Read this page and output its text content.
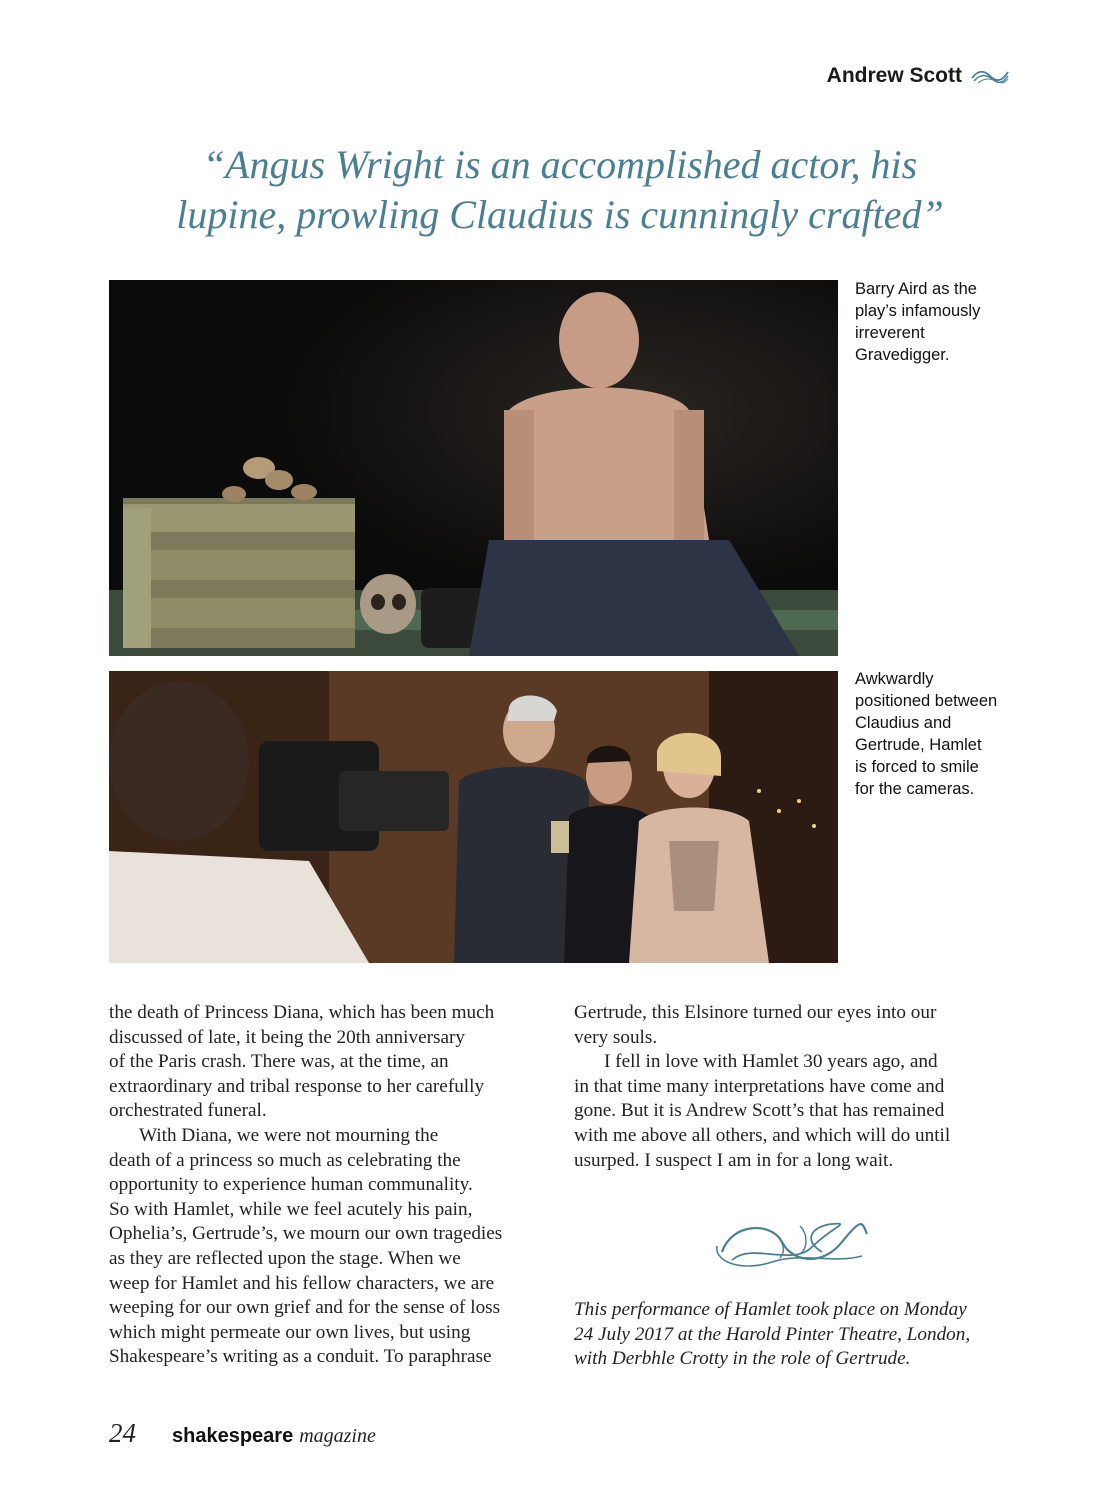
Andrew Scott
“Angus Wright is an accomplished actor, his
lupine, prowling Claudius is cunningly crafted”
Barry Aird as the
play’s infamously
irreverent
Gravedigger.
Awkwardly
positioned between
Claudius and
Gertrude, Hamlet
is forced to smile
for the cameras.

the death of Princess Diana, which has been much
discussed of late, it being the 20th anniversary
of the Paris crash. There was, at the time, an
extraordinary and tribal response to her carefully
orchestrated funeral.

With Diana, we were not mourning the
death of a princess so much as celebrating the
opportunity to experience human communality.
So with Hamlet, while we feel acutely his pain,
Ophelia’s, Gertrude’s, we mourn our own tragedies
as they are reflected upon the stage. When we
weep for Hamlet and his fellow characters, we are
weeping for our own grief and for the sense of loss
which might permeate our own lives, but using
Shakespeare’s writing as a conduit. To paraphrase

Gertrude, this Elsinore turned our eyes into our
very souls.

I fell in love with Hamlet 30 years ago, and
in that time many interpretations have come and
gone. But it is Andrew Scott’s that has remained
with me above all others, and which will do until
usurped. I suspect I am in for a long wait.

This performance of Hamlet took place on Monday
24 July 2017 at the Harold Pinter Theatre, London,
with Derbhle Crotty in the role of Gertrude.
24 shakespeare magazine
